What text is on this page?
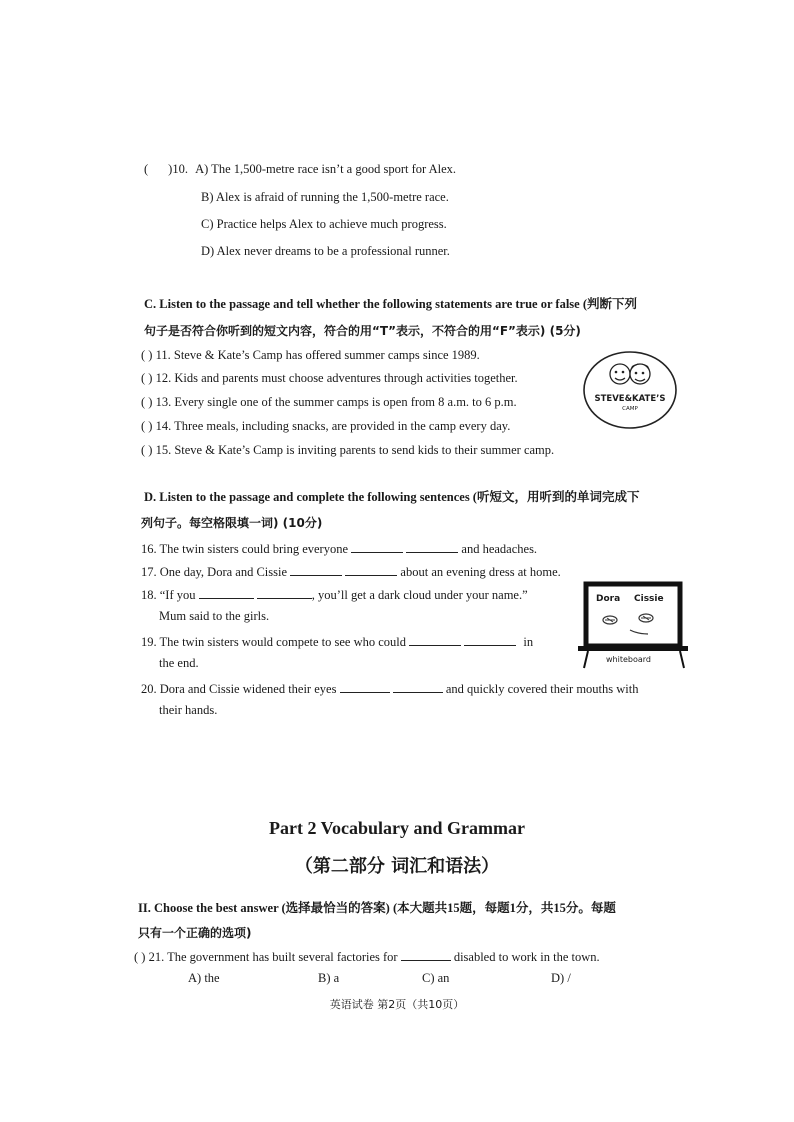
( )10. A) The 1,500-metre race isn’t a good sport for Alex.
B) Alex is afraid of running the 1,500-metre race.
C) Practice helps Alex to achieve much progress.
D) Alex never dreams to be a professional runner.
C. Listen to the passage and tell whether the following statements are true or false (判断下列
句子是否符合你听到的短文内容，符合的用“T”表示，不符合的用“F”表示) (5分)
( ) 11. Steve & Kate’s Camp has offered summer camps since 1989.
( ) 12. Kids and parents must choose adventures through activities together.
( ) 13. Every single one of the summer camps is open from 8 a.m. to 6 p.m.
( ) 14. Three meals, including snacks, are provided in the camp every day.
( ) 15. Steve & Kate’s Camp is inviting parents to send kids to their summer camp.
STEVE&KATE’S
CAMP
D. Listen to the passage and complete the following sentences (听短文，用听到的单词完成下
列句子。每空格限填一词) (10分)
16. The twin sisters could bring everyone	and headaches.
17. One day, Dora and Cissie	about an evening dress at home.
18. “If you	, you’ll get a dark cloud under your name.”
Mum said to the girls.
19. The twin sisters would compete to see who could	in
the end.
20. Dora and Cissie widened their eyes	and quickly covered their mouths with
their hands.
Dora Cissie
whiteboard
Part 2 Vocabulary and Grammar
（第二部分 词汇和语法）
II. Choose the best answer (选择最恰当的答案) (本大题共15题，每题1分，共15分。每题
只有一个正确的选项)
( ) 21. The government has built several factories for	disabled to work in the town.
A) the	B) a	C) an	D) /
英语试卷 第2页（共10页）
